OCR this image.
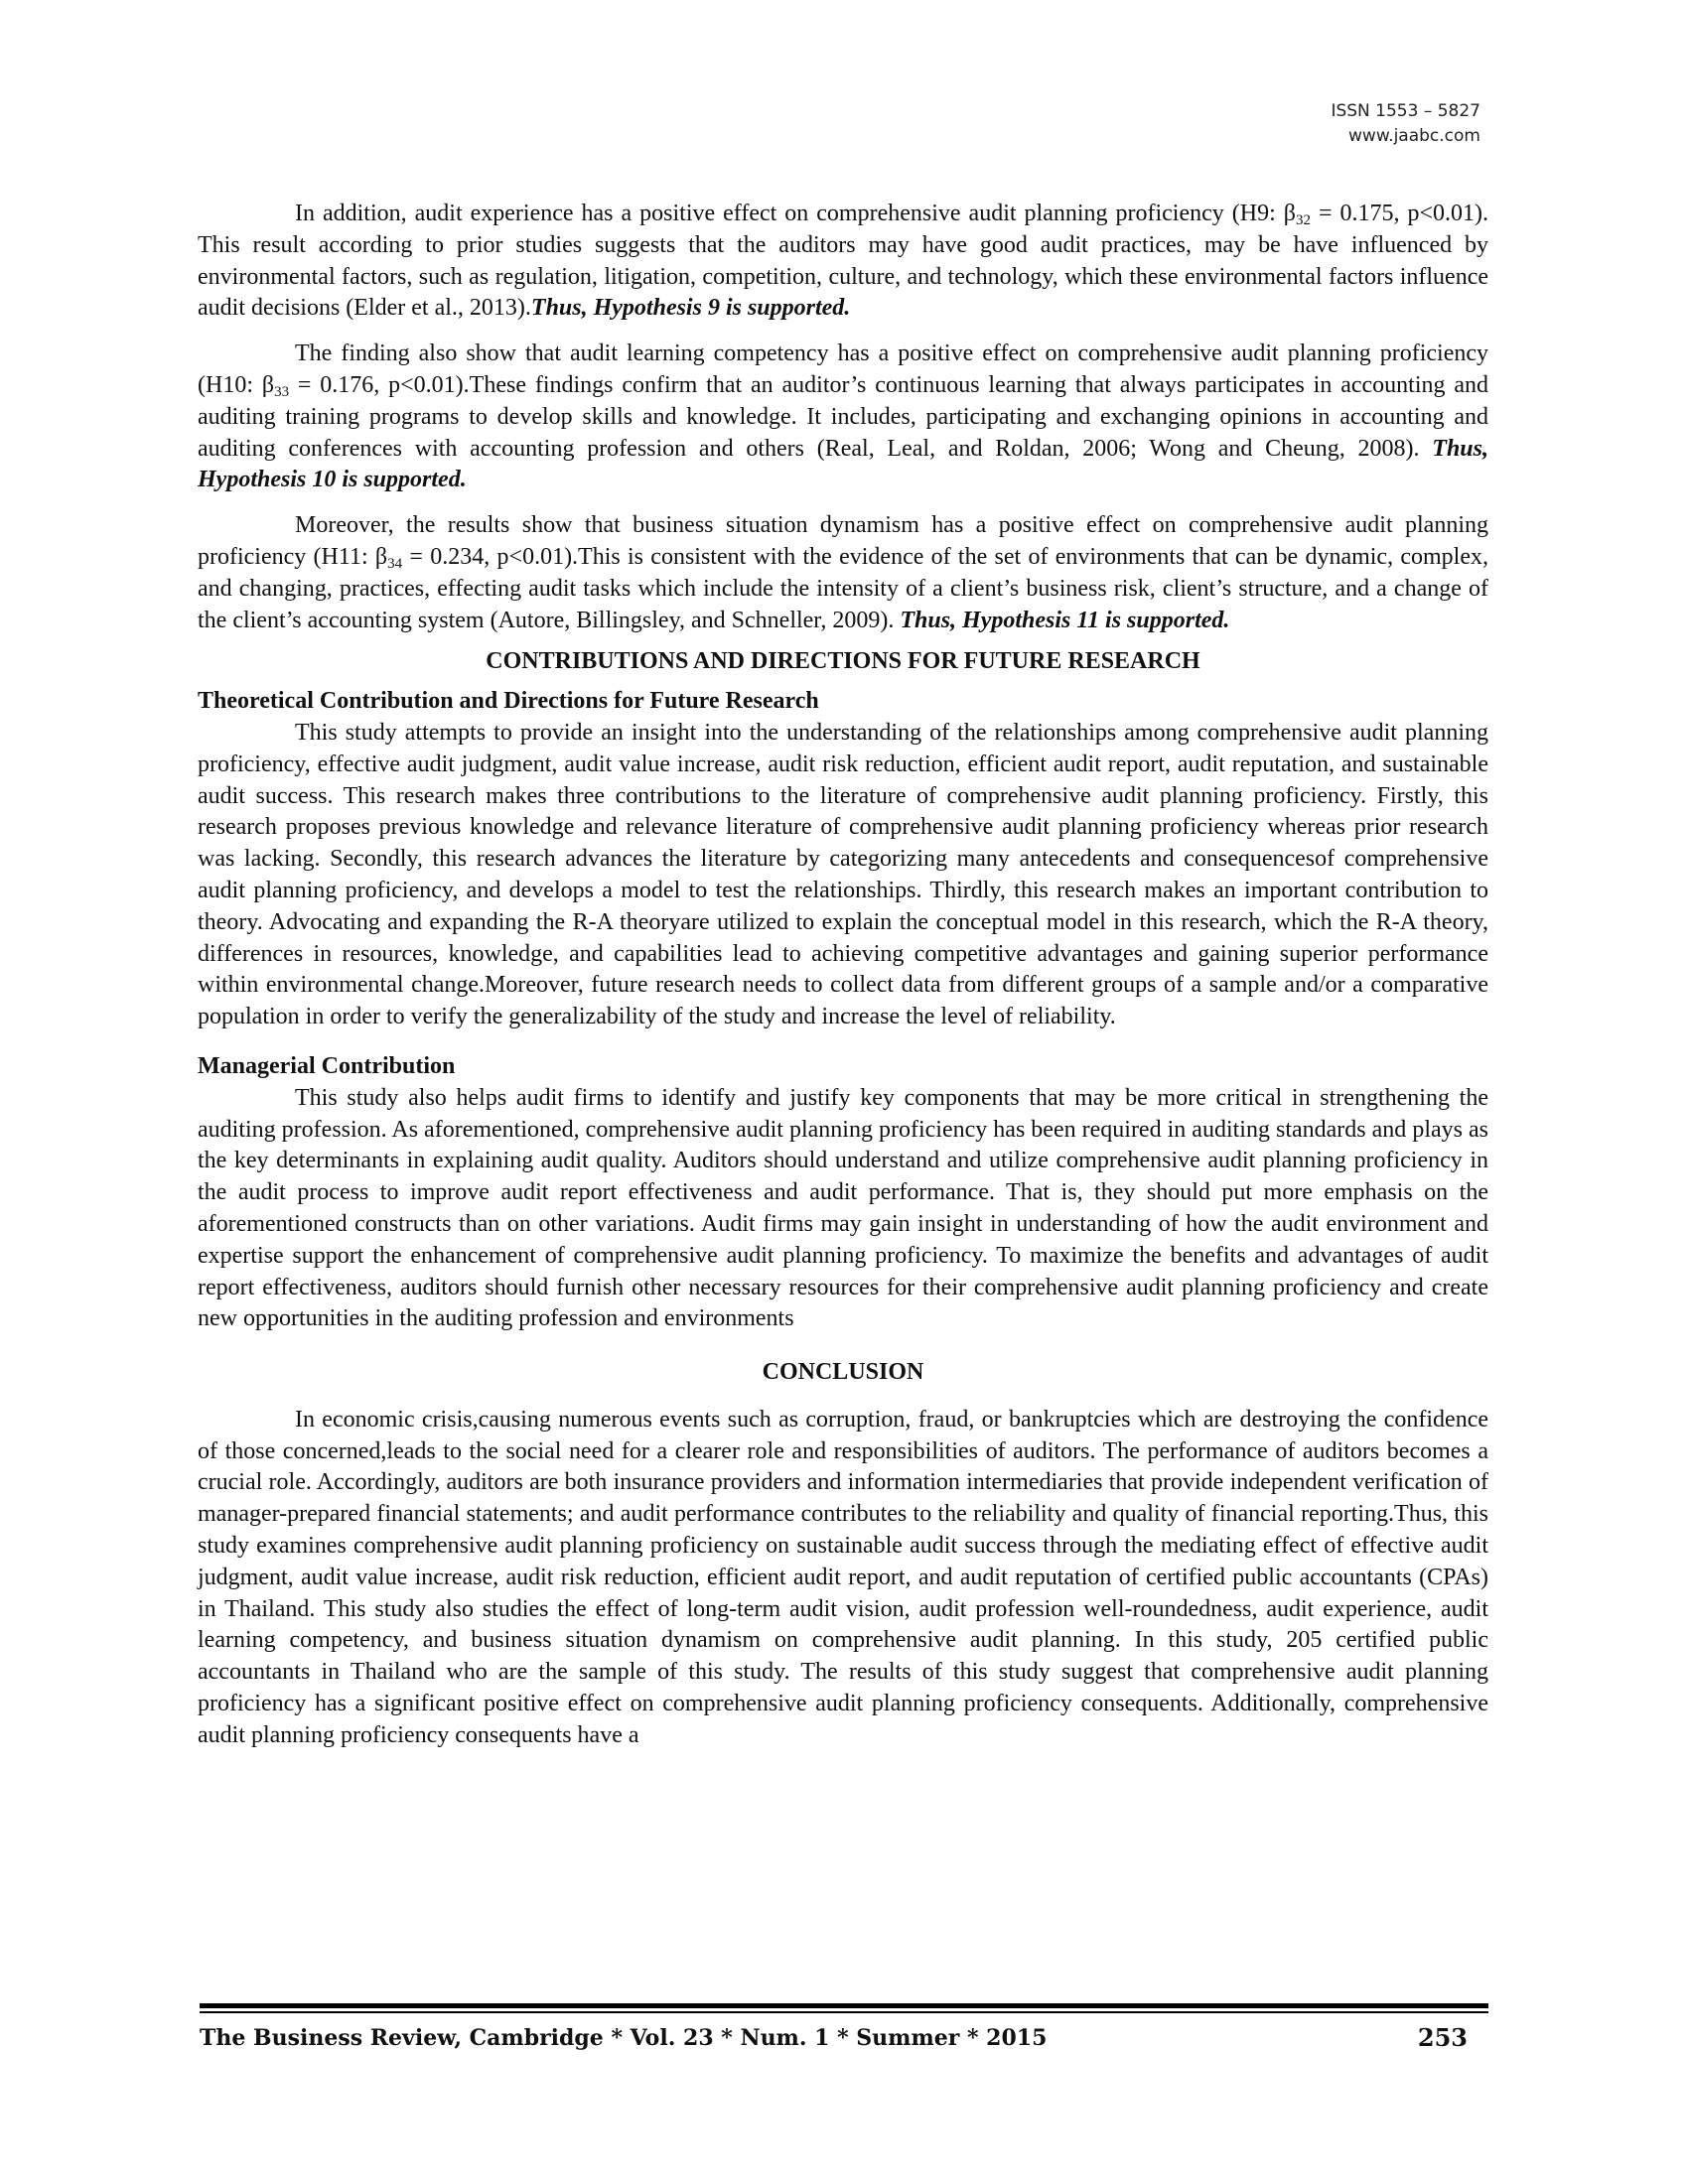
ISSN 1553 – 5827
www.jaabc.com

In addition, audit experience has a positive effect on comprehensive audit planning proficiency (H9: $\beta_{32} = 0.175$, p<0.01). This result according to prior studies suggests that the auditors may have good audit practices, may be have influenced by environmental factors, such as regulation, litigation, competition, culture, and technology, which these environmental factors influence audit decisions (Elder et al., 2013).Thus, Hypothesis 9 is supported.

The finding also show that audit learning competency has a positive effect on comprehensive audit planning proficiency (H10: $\beta_{33} = 0.176$, p<0.01).These findings confirm that an auditor’s continuous learning that always participates in accounting and auditing training programs to develop skills and knowledge. It includes, participating and exchanging opinions in accounting and auditing conferences with accounting profession and others (Real, Leal, and Roldan, 2006; Wong and Cheung, 2008). Thus, Hypothesis 10 is supported.

Moreover, the results show that business situation dynamism has a positive effect on comprehensive audit planning proficiency (H11: $\beta_{34} = 0.234$, p<0.01).This is consistent with the evidence of the set of environments that can be dynamic, complex, and changing, practices, effecting audit tasks which include the intensity of a client’s business risk, client’s structure, and a change of the client’s accounting system (Autore, Billingsley, and Schneller, 2009). Thus, Hypothesis 11 is supported.

CONTRIBUTIONS AND DIRECTIONS FOR FUTURE RESEARCH
Theoretical Contribution and Directions for Future Research

This study attempts to provide an insight into the understanding of the relationships among comprehensive audit planning proficiency, effective audit judgment, audit value increase, audit risk reduction, efficient audit report, audit reputation, and sustainable audit success. This research makes three contributions to the literature of comprehensive audit planning proficiency. Firstly, this research proposes previous knowledge and relevance literature of comprehensive audit planning proficiency whereas prior research was lacking. Secondly, this research advances the literature by categorizing many antecedents and consequencesof comprehensive audit planning proficiency, and develops a model to test the relationships. Thirdly, this research makes an important contribution to theory. Advocating and expanding the R-A theoryare utilized to explain the conceptual model in this research, which the R-A theory, differences in resources, knowledge, and capabilities lead to achieving competitive advantages and gaining superior performance within environmental change.Moreover, future research needs to collect data from different groups of a sample and/or a comparative population in order to verify the generalizability of the study and increase the level of reliability.

Managerial Contribution

This study also helps audit firms to identify and justify key components that may be more critical in strengthening the auditing profession. As aforementioned, comprehensive audit planning proficiency has been required in auditing standards and plays as the key determinants in explaining audit quality. Auditors should understand and utilize comprehensive audit planning proficiency in the audit process to improve audit report effectiveness and audit performance. That is, they should put more emphasis on the aforementioned constructs than on other variations. Audit firms may gain insight in understanding of how the audit environment and expertise support the enhancement of comprehensive audit planning proficiency. To maximize the benefits and advantages of audit report effectiveness, auditors should furnish other necessary resources for their comprehensive audit planning proficiency and create new opportunities in the auditing profession and environments

CONCLUSION

In economic crisis,causing numerous events such as corruption, fraud, or bankruptcies which are destroying the confidence of those concerned,leads to the social need for a clearer role and responsibilities of auditors. The performance of auditors becomes a crucial role. Accordingly, auditors are both insurance providers and information intermediaries that provide independent verification of manager-prepared financial statements; and audit performance contributes to the reliability and quality of financial reporting.Thus, this study examines comprehensive audit planning proficiency on sustainable audit success through the mediating effect of effective audit judgment, audit value increase, audit risk reduction, efficient audit report, and audit reputation of certified public accountants (CPAs) in Thailand. This study also studies the effect of long-term audit vision, audit profession well-roundedness, audit experience, audit learning competency, and business situation dynamism on comprehensive audit planning. In this study, 205 certified public accountants in Thailand who are the sample of this study. The results of this study suggest that comprehensive audit planning proficiency has a significant positive effect on comprehensive audit planning proficiency consequents. Additionally, comprehensive audit planning proficiency consequents have a

The Business Review, Cambridge * Vol. 23 * Num. 1 * Summer * 2015	253
